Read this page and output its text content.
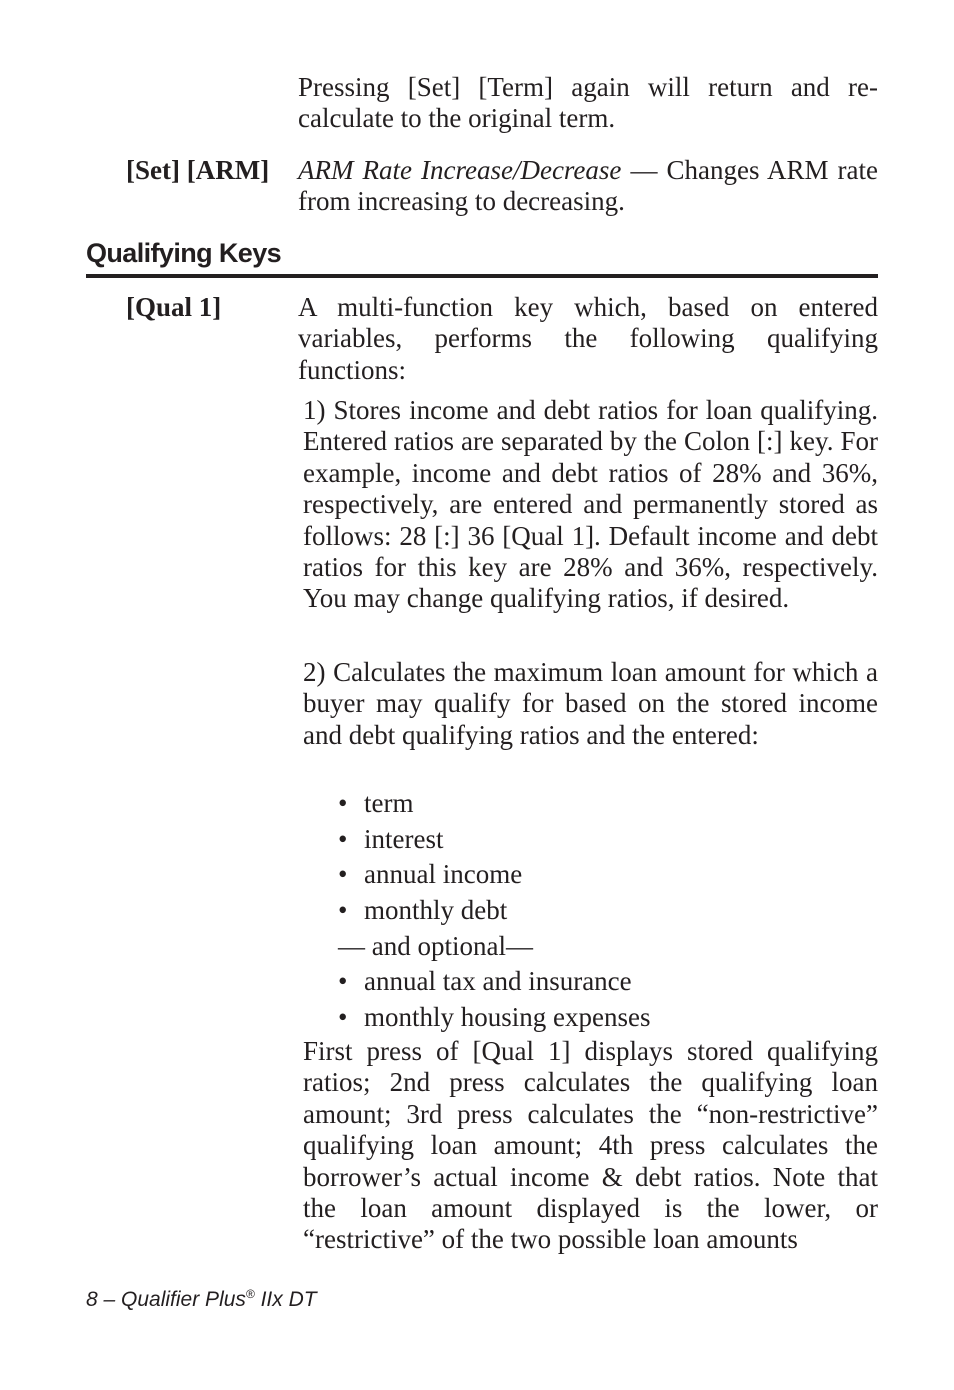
Pressing [Set] [Term] again will return and re-calculate to the original term.
[Set] [ARM] ARM Rate Increase/Decrease — Changes ARM rate from increasing to decreasing.
Qualifying Keys
[Qual 1]	A multi-function key which, based on entered variables, performs the following qualifying functions:
1) Stores income and debt ratios for loan qualifying. Entered ratios are separated by the Colon [:] key. For example, income and debt ratios of 28% and 36%, respectively, are entered and permanently stored as follows: 28 [:] 36 [Qual 1]. Default income and debt ratios for this key are 28% and 36%, respectively. You may change qualifying ratios, if desired.
2) Calculates the maximum loan amount for which a buyer may qualify for based on the stored income and debt qualifying ratios and the entered:
• term
• interest
• annual income
• monthly debt
— and optional—
• annual tax and insurance
• monthly housing expenses
First press of [Qual 1] displays stored qualifying ratios; 2nd press calculates the qualifying loan amount; 3rd press calculates the “non-restrictive” qualifying loan amount; 4th press calculates the borrower’s actual income & debt ratios. Note that the loan amount displayed is the lower, or “restrictive” of the two possible loan amounts
8 – Qualifier Plus® IIx DT
